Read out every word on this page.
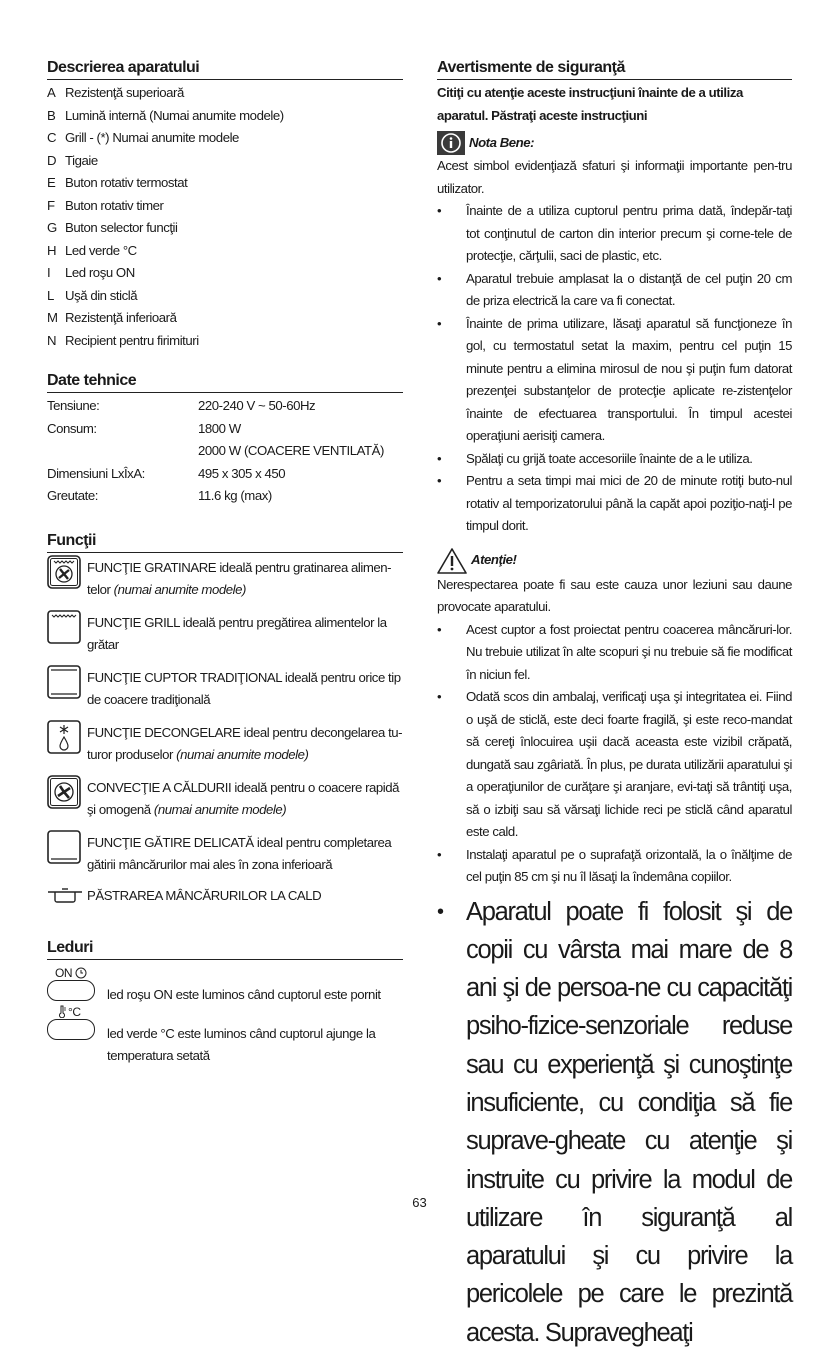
Descrierea aparatului
A Rezistenţă superioară
B Lumină internă (Numai anumite modele)
C Grill - (*) Numai anumite modele
D Tigaie
E Buton rotativ termostat
F Buton rotativ timer
G Buton selector funcţii
H Led verde °C
I	Led roşu ON
L Uşă din sticlă
M Rezistenţă inferioară
N Recipient pentru firimituri
Date tehnice
Tensiune:	220-240 V ~ 50-60Hz
Consum:	1800 W
2000 W (COACERE VENTILATĂ)
Dimensiuni LxÎxA:	495 x 305 x 450
Greutate:	11.6 kg (max)
Funcţii
FUNCŢIE GRATINARE ideală pentru gratinarea alimen-telor (numai anumite modele)
FUNCŢIE GRILL ideală pentru pregătirea alimentelor la grătar
FUNCŢIE CUPTOR TRADIŢIONAL ideală pentru orice tip de coacere tradiţională
FUNCŢIE DECONGELARE ideal pentru decongelarea tu-turor produselor (numai anumite modele)
CONVECŢIE A CĂLDURII ideală pentru o coacere rapidă şi omogenă (numai anumite modele)
FUNCŢIE GĂTIRE DELICATĂ ideal pentru completarea gătirii mâncărurilor mai ales în zona inferioară
PĂSTRAREA MÂNCĂRURILOR LA CALD
Leduri
ON
led roşu ON este luminos când cuptorul este pornit
°C
led verde °C este luminos când cuptorul ajunge la temperatura setată
Avertismente de siguranţă
Citiţi cu atenţie aceste instrucţiuni înainte de a utiliza aparatul. Păstraţi aceste instrucţiuni
Nota Bene:
Acest simbol evidenţiază sfaturi şi informaţii importante pen-tru utilizator.
• Înainte de a utiliza cuptorul pentru prima dată, îndepăr-taţi tot conţinutul de carton din interior precum şi corne-tele de protecţie, cărţulii, saci de plastic, etc.
• Aparatul trebuie amplasat la o distanţă de cel puţin 20 cm de priza electrică la care va fi conectat.
• Înainte de prima utilizare, lăsaţi aparatul să funcţioneze în gol, cu termostatul setat la maxim, pentru cel puţin 15 minute pentru a elimina mirosul de nou şi puţin fum datorat prezenţei substanţelor de protecţie aplicate re-zistenţelor înainte de efectuarea transportului. În timpul acestei operaţiuni aerisiţi camera.
• Spălaţi cu grijă toate accesoriile înainte de a le utiliza.
• Pentru a seta timpi mai mici de 20 de minute rotiţi buto-nul rotativ al temporizatorului până la capăt apoi poziţio-naţi-l pe timpul dorit.
Atenţie!
Nerespectarea poate fi sau este cauza unor leziuni sau daune provocate aparatului.
• Acest cuptor a fost proiectat pentru coacerea mâncăruri-lor. Nu trebuie utilizat în alte scopuri şi nu trebuie să fie modificat în niciun fel.
• Odată scos din ambalaj, verificaţi uşa şi integritatea ei. Fiind o uşă de sticlă, este deci foarte fragilă, şi este reco-mandat să cereţi înlocuirea uşii dacă aceasta este vizibil crăpată, dungată sau zgâriată. În plus, pe durata utilizării aparatului şi a operaţiunilor de curăţare şi aranjare, evi-taţi să trântiţi uşa, să o izbiţi sau să vărsaţi lichide reci pe sticlă când aparatul este cald.
• Instalaţi aparatul pe o suprafaţă orizontală, la o înălţime de cel puţin 85 cm şi nu îl lăsaţi la îndemâna copiilor.
• Aparatul poate fi folosit şi de copii cu vârsta mai mare de 8 ani şi de persoa-ne cu capacităţi psiho-fizice-senzoriale reduse sau cu experienţă şi cunoştinţe insuficiente, cu condiţia să fie suprave-gheate cu atenţie şi instruite cu privire la modul de utilizare în siguranţă al aparatului şi cu privire la pericolele pe care le prezintă acesta. Supravegheaţi
63
